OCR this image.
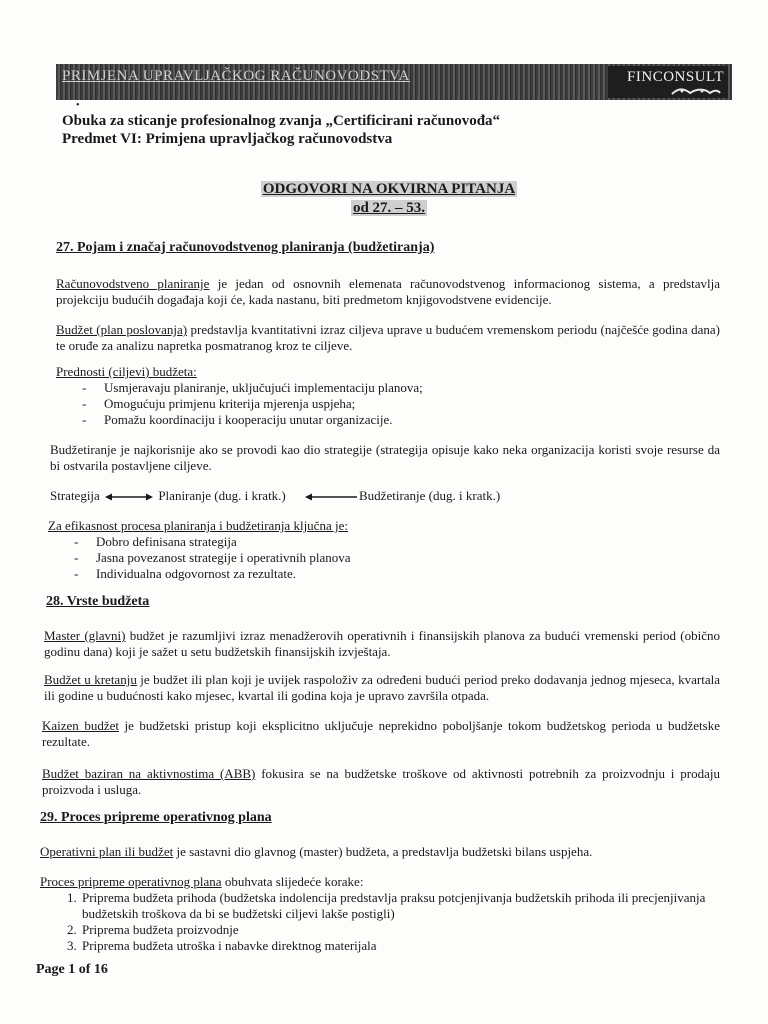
PRIMJENA UPRAVLJAČKOG RAČUNOVODSTVA	FINCONSULT
•
Obuka za sticanje profesionalnog zvanja „Certificirani računovođa“
Predmet VI: Primjena upravljačkog računovodstva
ODGOVORI NA OKVIRNA PITANJA
od 27. – 53.
27. Pojam i značaj računovodstvenog planiranja (budžetiranja)
Računovodstveno planiranje je jedan od osnovnih elemenata računovodstvenog informacionog sistema, a predstavlja projekciju budućih događaja koji će, kada nastanu, biti predmetom knjigovodstvene evidencije.
Budžet (plan poslovanja) predstavlja kvantitativni izraz ciljeva uprave u budućem vremenskom periodu (najčešće godina dana) te oruđe za analizu napretka posmatranog kroz te ciljeve.
Prednosti (ciljevi) budžeta:
- Usmjeravaju planiranje, uključujući implementaciju planova;
- Omogućuju primjenu kriterija mjerenja uspjeha;
- Pomažu koordinaciju i kooperaciju unutar organizacije.
Budžetiranje je najkorisnije ako se provodi kao dio strategije (strategija opisuje kako neka organizacija koristi svoje resurse da bi ostvarila postavljene ciljeve.
Strategija	Planiranje (dug. i kratk.)	Budžetiranje (dug. i kratk.)
Za efikasnost procesa planiranja i budžetiranja ključna je:
- Dobro definisana strategija
- Jasna povezanost strategije i operativnih planova
- Individualna odgovornost za rezultate.
28. Vrste budžeta
Master (glavni) budžet je razumljivi izraz menadžerovih operativnih i finansijskih planova za budući vremenski period (obično godinu dana) koji je sažet u setu budžetskih finansijskih izvještaja.
Budžet u kretanju je budžet ili plan koji je uvijek raspoloživ za određeni budući period preko dodavanja jednog mjeseca, kvartala ili godine u budućnosti kako mjesec, kvartal ili godina koja je upravo završila otpada.
Kaizen budžet je budžetski pristup koji eksplicitno uključuje neprekidno poboljšanje tokom budžetskog perioda u budžetske rezultate.
Budžet baziran na aktivnostima (ABB) fokusira se na budžetske troškove od aktivnosti potrebnih za proizvodnju i prodaju proizvoda i usluga.
29. Proces pripreme operativnog plana
Operativni plan ili budžet je sastavni dio glavnog (master) budžeta, a predstavlja budžetski bilans uspjeha.
Proces pripreme operativnog plana obuhvata slijedeće korake:
1. Priprema budžeta prihoda (budžetska indolencija predstavlja praksu potcjenjivanja budžetskih prihoda ili precjenjivanja budžetskih troškova da bi se budžetski ciljevi lakše postigli)
2. Priprema budžeta proizvodnje
3. Priprema budžeta utroška i nabavke direktnog materijala
Page 1 of 16
